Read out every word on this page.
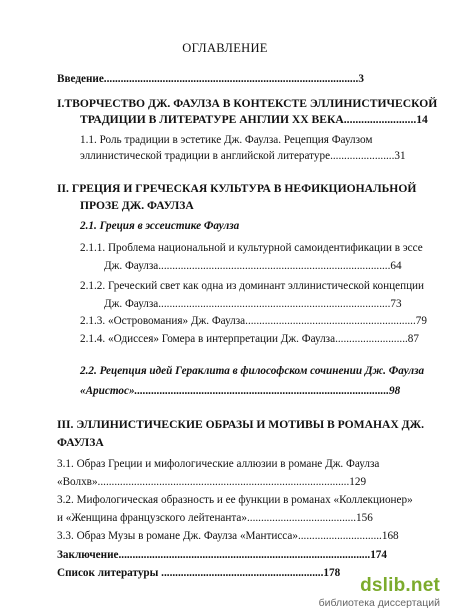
ОГЛАВЛЕНИЕ
Введение...........................................................................................3
I.ТВОРЧЕСТВО ДЖ. ФАУЛЗА В КОНТЕКСТЕ ЭЛЛИНИСТИЧЕСКОЙ
ТРАДИЦИИ В ЛИТЕРАТУРЕ АНГЛИИ XX ВЕКА.........................14
1.1. Роль традиции в эстетике Дж. Фаулза. Рецепция Фаулзом
эллинистической традиции в английской литературе.......................31
II. ГРЕЦИЯ И ГРЕЧЕСКАЯ КУЛЬТУРА В НЕФИКЦИОНАЛЬНОЙ
ПРОЗЕ ДЖ. ФАУЛЗА
2.1. Греция в эссеистике Фаулза
2.1.1. Проблема национальной и культурной самоидентификации в эссе
Дж. Фаулза...................................................................................64
2.1.2. Греческий свет как одна из доминант эллинистической концепции
Дж. Фаулза...................................................................................73
2.1.3. «Островомания» Дж. Фаулза.............................................................79
2.1.4. «Одиссея» Гомера в интерпретации Дж. Фаулза..........................87
2.2. Рецепция идей Гераклита в философском сочинении Дж. Фаулза
«Аристос»...........................................................................................98
III. ЭЛЛИНИСТИЧЕСКИЕ ОБРАЗЫ И МОТИВЫ В РОМАНАХ ДЖ.
ФАУЛЗА
3.1. Образ Греции и мифологические аллюзии в романе Дж. Фаулза
«Волхв»..........................................................................................129
3.2. Мифологическая образность и ее функции в романах «Коллекционер»
и «Женщина французского лейтенанта».......................................156
3.3. Образ Музы в романе Дж. Фаулза «Мантисса»..............................168
Заключение..........................................................................................174
Список литературы ..........................................................178
dslib.net
библиотека диссертаций
